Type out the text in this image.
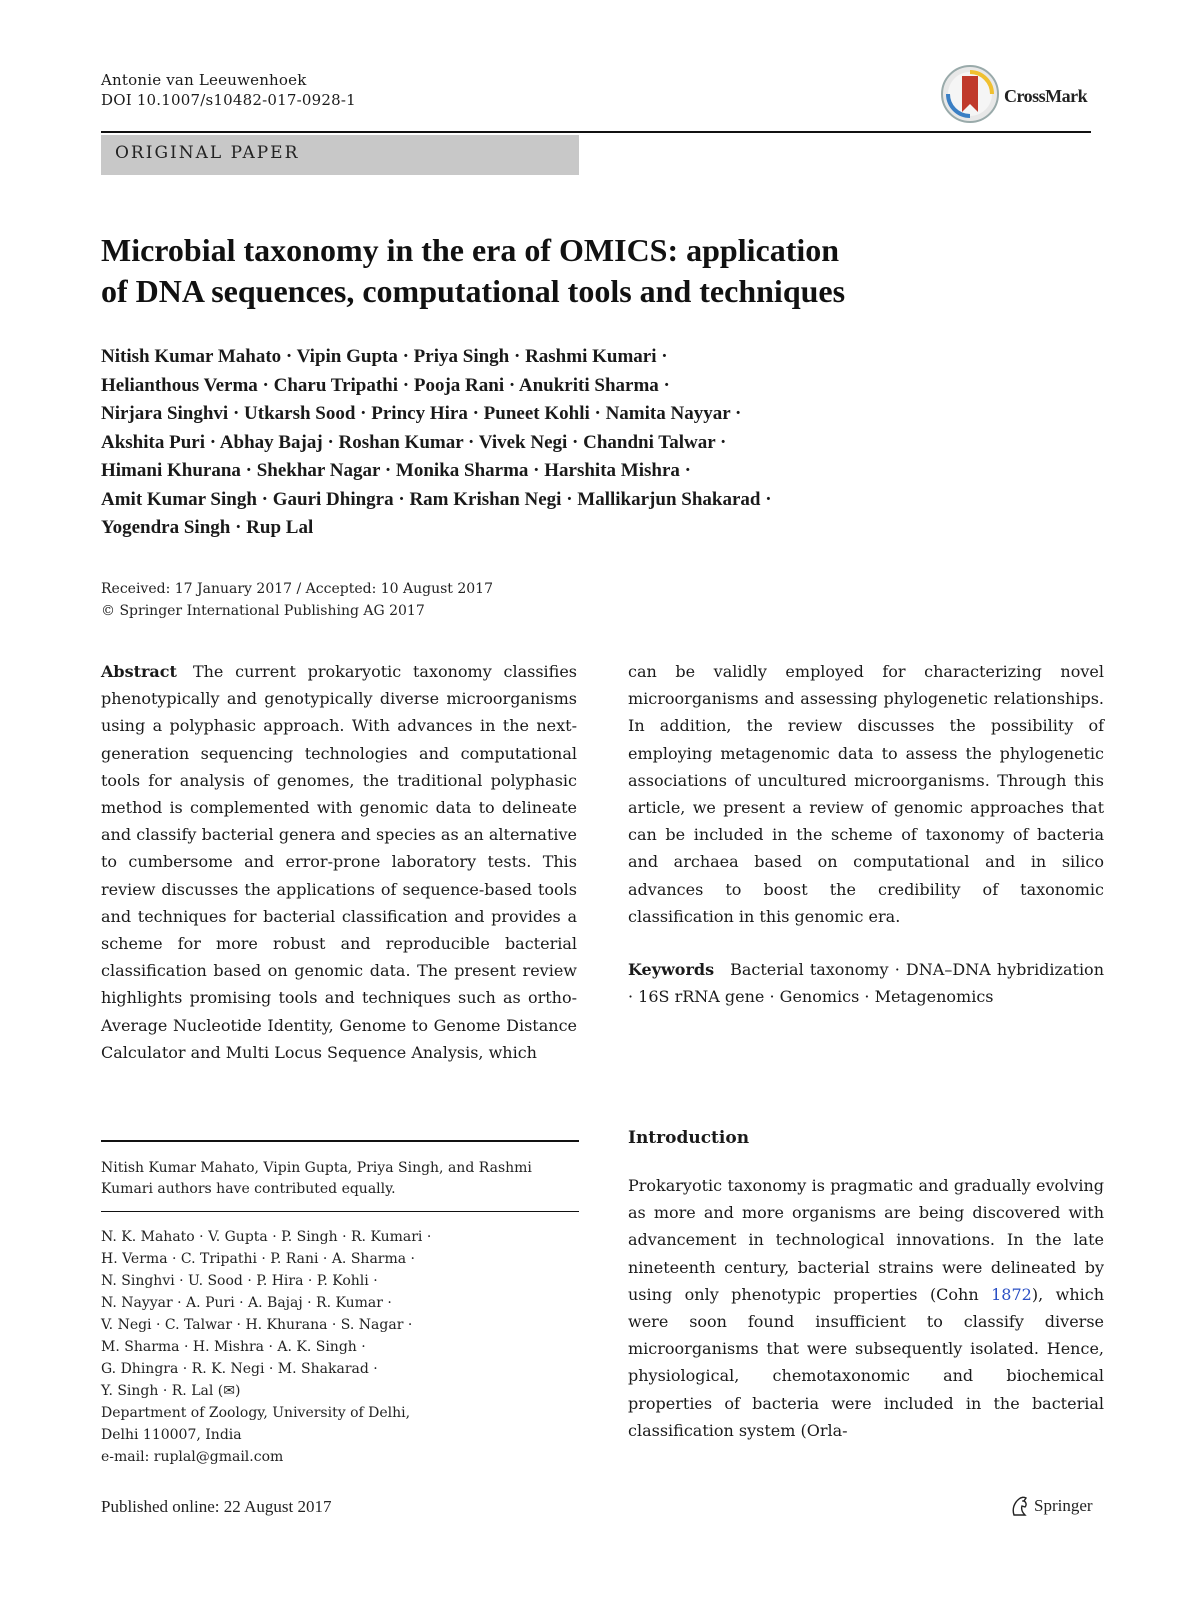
Antonie van Leeuwenhoek
DOI 10.1007/s10482-017-0928-1	CrossMark
ORIGINAL PAPER
Microbial taxonomy in the era of OMICS: application
of DNA sequences, computational tools and techniques
Nitish Kumar Mahato · Vipin Gupta · Priya Singh · Rashmi Kumari ·
Helianthous Verma · Charu Tripathi · Pooja Rani · Anukriti Sharma ·
Nirjara Singhvi · Utkarsh Sood · Princy Hira · Puneet Kohli · Namita Nayyar ·
Akshita Puri · Abhay Bajaj · Roshan Kumar · Vivek Negi · Chandni Talwar ·
Himani Khurana · Shekhar Nagar · Monika Sharma · Harshita Mishra ·
Amit Kumar Singh · Gauri Dhingra · Ram Krishan Negi · Mallikarjun Shakarad ·
Yogendra Singh · Rup Lal
Received: 17 January 2017 / Accepted: 10 August 2017
© Springer International Publishing AG 2017
Abstract The current prokaryotic taxonomy classifies phenotypically and genotypically diverse microorganisms using a polyphasic approach. With advances in the next-generation sequencing technologies and computational tools for analysis of genomes, the traditional polyphasic method is complemented with genomic data to delineate and classify bacterial genera and species as an alternative to cumbersome and error-prone laboratory tests. This review discusses the applications of sequence-based tools and techniques for bacterial classification and provides a scheme for more robust and reproducible bacterial classification based on genomic data. The present review highlights promising tools and techniques such as ortho-Average Nucleotide Identity, Genome to Genome Distance Calculator and Multi Locus Sequence Analysis, which
can be validly employed for characterizing novel microorganisms and assessing phylogenetic relationships. In addition, the review discusses the possibility of employing metagenomic data to assess the phylogenetic associations of uncultured microorganisms. Through this article, we present a review of genomic approaches that can be included in the scheme of taxonomy of bacteria and archaea based on computational and in silico advances to boost the credibility of taxonomic classification in this genomic era.
Keywords Bacterial taxonomy · DNA–DNA hybridization · 16S rRNA gene · Genomics · Metagenomics
Introduction
Prokaryotic taxonomy is pragmatic and gradually evolving as more and more organisms are being discovered with advancement in technological innovations. In the late nineteenth century, bacterial strains were delineated by using only phenotypic properties (Cohn 1872), which were soon found insufficient to classify diverse microorganisms that were subsequently isolated. Hence, physiological, chemotaxonomic and biochemical properties of bacteria were included in the bacterial classification system (Orla-
Nitish Kumar Mahato, Vipin Gupta, Priya Singh, and Rashmi Kumari authors have contributed equally.
N. K. Mahato · V. Gupta · P. Singh · R. Kumari ·
H. Verma · C. Tripathi · P. Rani · A. Sharma ·
N. Singhvi · U. Sood · P. Hira · P. Kohli ·
N. Nayyar · A. Puri · A. Bajaj · R. Kumar ·
V. Negi · C. Talwar · H. Khurana · S. Nagar ·
M. Sharma · H. Mishra · A. K. Singh ·
G. Dhingra · R. K. Negi · M. Shakarad ·
Y. Singh · R. Lal (✉)
Department of Zoology, University of Delhi,
Delhi 110007, India
e-mail: ruplal@gmail.com
Published online: 22 August 2017	Springer
